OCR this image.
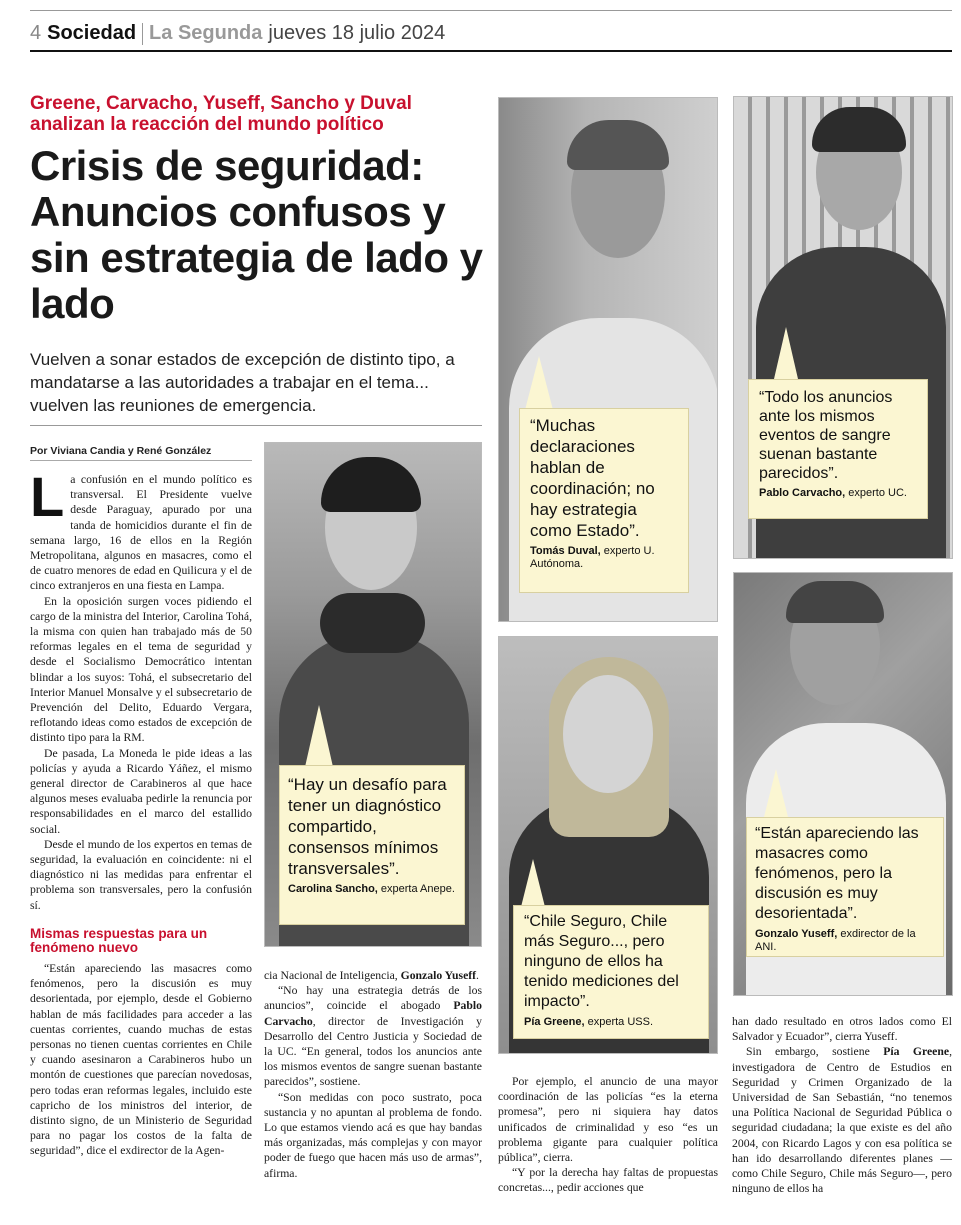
4 Sociedad La Segunda jueves 18 julio 2024
Greene, Carvacho, Yuseff, Sancho y Duval analizan la reacción del mundo político
Crisis de seguridad: Anuncios confusos y sin estrategia de lado y lado
Vuelven a sonar estados de excepción de distinto tipo, a mandatarse a las autoridades a trabajar en el tema... vuelven las reuniones de emergencia.
Por Viviana Candia y René González

La confusión en el mundo político es transversal. El Presidente vuelve desde Paraguay, apurado por una tanda de homicidios durante el fin de semana largo, 16 de ellos en la Región Metropolitana, algunos en masacres, como el de cuatro menores de edad en Quilicura y el de cinco extranjeros en una fiesta en Lampa.

En la oposición surgen voces pidiendo el cargo de la ministra del Interior, Carolina Tohá, la misma con quien han trabajado más de 50 reformas legales en el tema de seguridad y desde el Socialismo Democrático intentan blindar a los suyos: Tohá, el subsecretario del Interior Manuel Monsalve y el subsecretario de Prevención del Delito, Eduardo Vergara, reflotando ideas como estados de excepción de distinto tipo para la RM.

De pasada, La Moneda le pide ideas a las policías y ayuda a Ricardo Yáñez, el mismo general director de Carabineros al que hace algunos meses evaluaba pedirle la renuncia por responsabilidades en el marco del estallido social.

Desde el mundo de los expertos en temas de seguridad, la evaluación en coincidente: ni el diagnóstico ni las medidas para enfrentar el problema son transversales, pero la confusión sí.

Mismas respuestas para un fenómeno nuevo

“Están apareciendo las masacres como fenómenos, pero la discusión es muy desorientada, por ejemplo, desde el Gobierno hablan de más facilidades para acceder a las cuentas corrientes, cuando muchas de estas personas no tienen cuentas corrientes en Chile y cuando asesinaron a Carabineros hubo un montón de cuestiones que parecían novedosas, pero todas eran reformas legales, incluido este capricho de los ministros del interior, de distinto signo, de un Ministerio de Seguridad para no pagar los costos de la falta de seguridad”, dice el exdirector de la Agen-

cia Nacional de Inteligencia, Gonzalo Yuseff.

“No hay una estrategia detrás de los anuncios”, coincide el abogado Pablo Carvacho, director de Investigación y Desarrollo del Centro Justicia y Sociedad de la UC. “En general, todos los anuncios ante los mismos eventos de sangre suenan bastante parecidos”, sostiene.

“Son medidas con poco sustrato, poca sustancia y no apuntan al problema de fondo. Lo que estamos viendo acá es que hay bandas más organizadas, más complejas y con mayor poder de fuego que hacen más uso de armas”, afirma.

Por ejemplo, el anuncio de una mayor coordinación de las policías “es la eterna promesa”, pero ni siquiera hay datos unificados de criminalidad y eso “es un problema gigante para cualquier política pública”, cierra.

“Y por la derecha hay faltas de propuestas concretas..., pedir acciones que

han dado resultado en otros lados como El Salvador y Ecuador”, cierra Yuseff.

Sin embargo, sostiene Pía Greene, investigadora de Centro de Estudios en Seguridad y Crimen Organizado de la Universidad de San Sebastián, “no tenemos una Política Nacional de Seguridad Pública o seguridad ciudadana; la que existe es del año 2004, con Ricardo Lagos y con esa política se han ido desarrollando diferentes planes —como Chile Seguro, Chile más Seguro—, pero ninguno de ellos ha

“Hay un desafío para tener un diagnóstico compartido, consensos mínimos transversales”.
Carolina Sancho, experta Anepe.
“Muchas declaraciones hablan de coordinación; no hay estrategia como Estado”.
Tomás Duval, experto U. Autónoma.
“Todo los anuncios ante los mismos eventos de sangre suenan bastante parecidos”.
Pablo Carvacho, experto UC.
“Chile Seguro, Chile más Seguro..., pero ninguno de ellos ha tenido mediciones del impacto”.
Pía Greene, experta USS.
“Están apareciendo las masacres como fenómenos, pero la discusión es muy desorientada”.
Gonzalo Yuseff, exdirector de la ANI.
